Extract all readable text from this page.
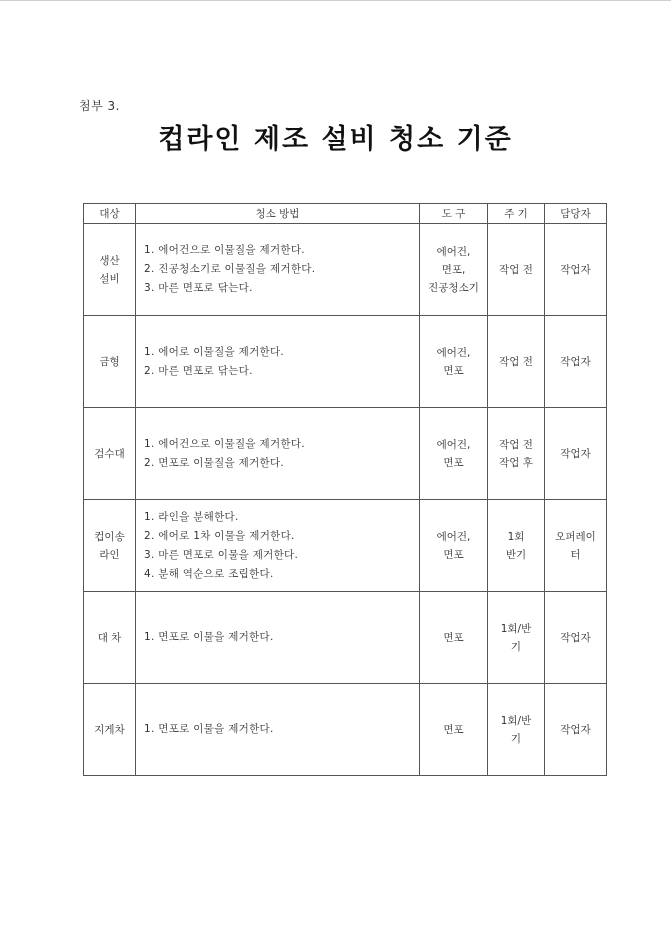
첨부 3.
컵라인 제조 설비 청소 기준
대상	청소 방법	도 구	주 기	담당자

생산
설비	1. 에어건으로 이물질을 제거한다.
2. 진공청소기로 이물질을 제거한다.
3. 마른 면포로 닦는다.	에어건,
면포,
진공청소기	작업 전	작업자

금형	1. 에어로 이물질을 제거한다.
2. 마른 면포로 닦는다.	에어건,
면포	작업 전	작업자

검수대	1. 에어건으로 이물질을 제거한다.
2. 면포로 이물질을 제거한다.	에어건,
면포	작업 전
작업 후	작업자

컵이송
라인	1. 라인을 분해한다.
2. 에어로 1차 이물을 제거한다.
3. 마른 면포로 이물을 제거한다.
4. 분해 역순으로 조립한다.	에어건,
면포	1회
반기	오퍼레이
터

대 차	1. 면포로 이물을 제거한다.	면포	1회/반
기	작업자

지게차	1. 면포로 이물을 제거한다.	면포	1회/반
기	작업자
